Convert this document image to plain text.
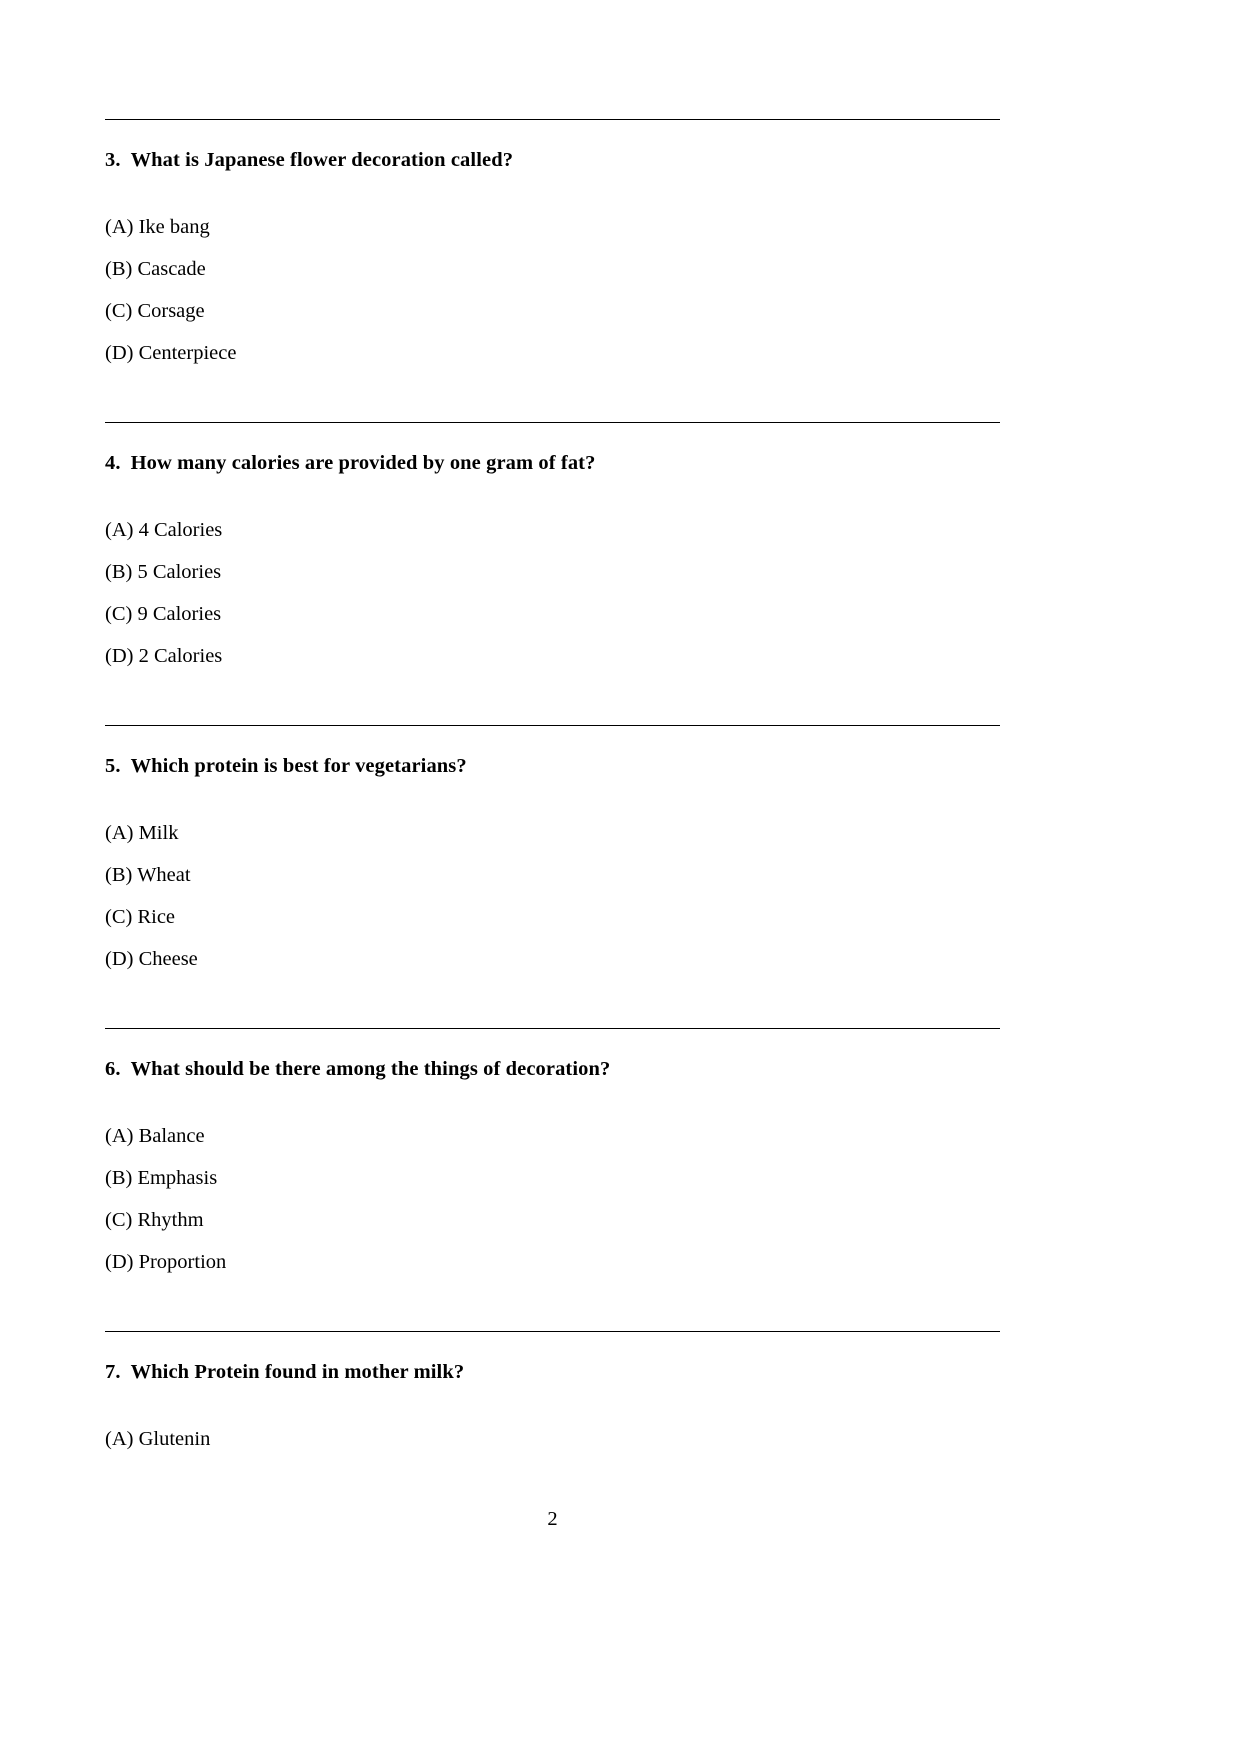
3. What is Japanese flower decoration called?
(A) Ike bang
(B) Cascade
(C) Corsage
(D) Centerpiece
4. How many calories are provided by one gram of fat?
(A) 4 Calories
(B) 5 Calories
(C) 9 Calories
(D) 2 Calories
5. Which protein is best for vegetarians?
(A) Milk
(B) Wheat
(C) Rice
(D) Cheese
6. What should be there among the things of decoration?
(A) Balance
(B) Emphasis
(C) Rhythm
(D) Proportion
7. Which Protein found in mother milk?
(A) Glutenin
2
